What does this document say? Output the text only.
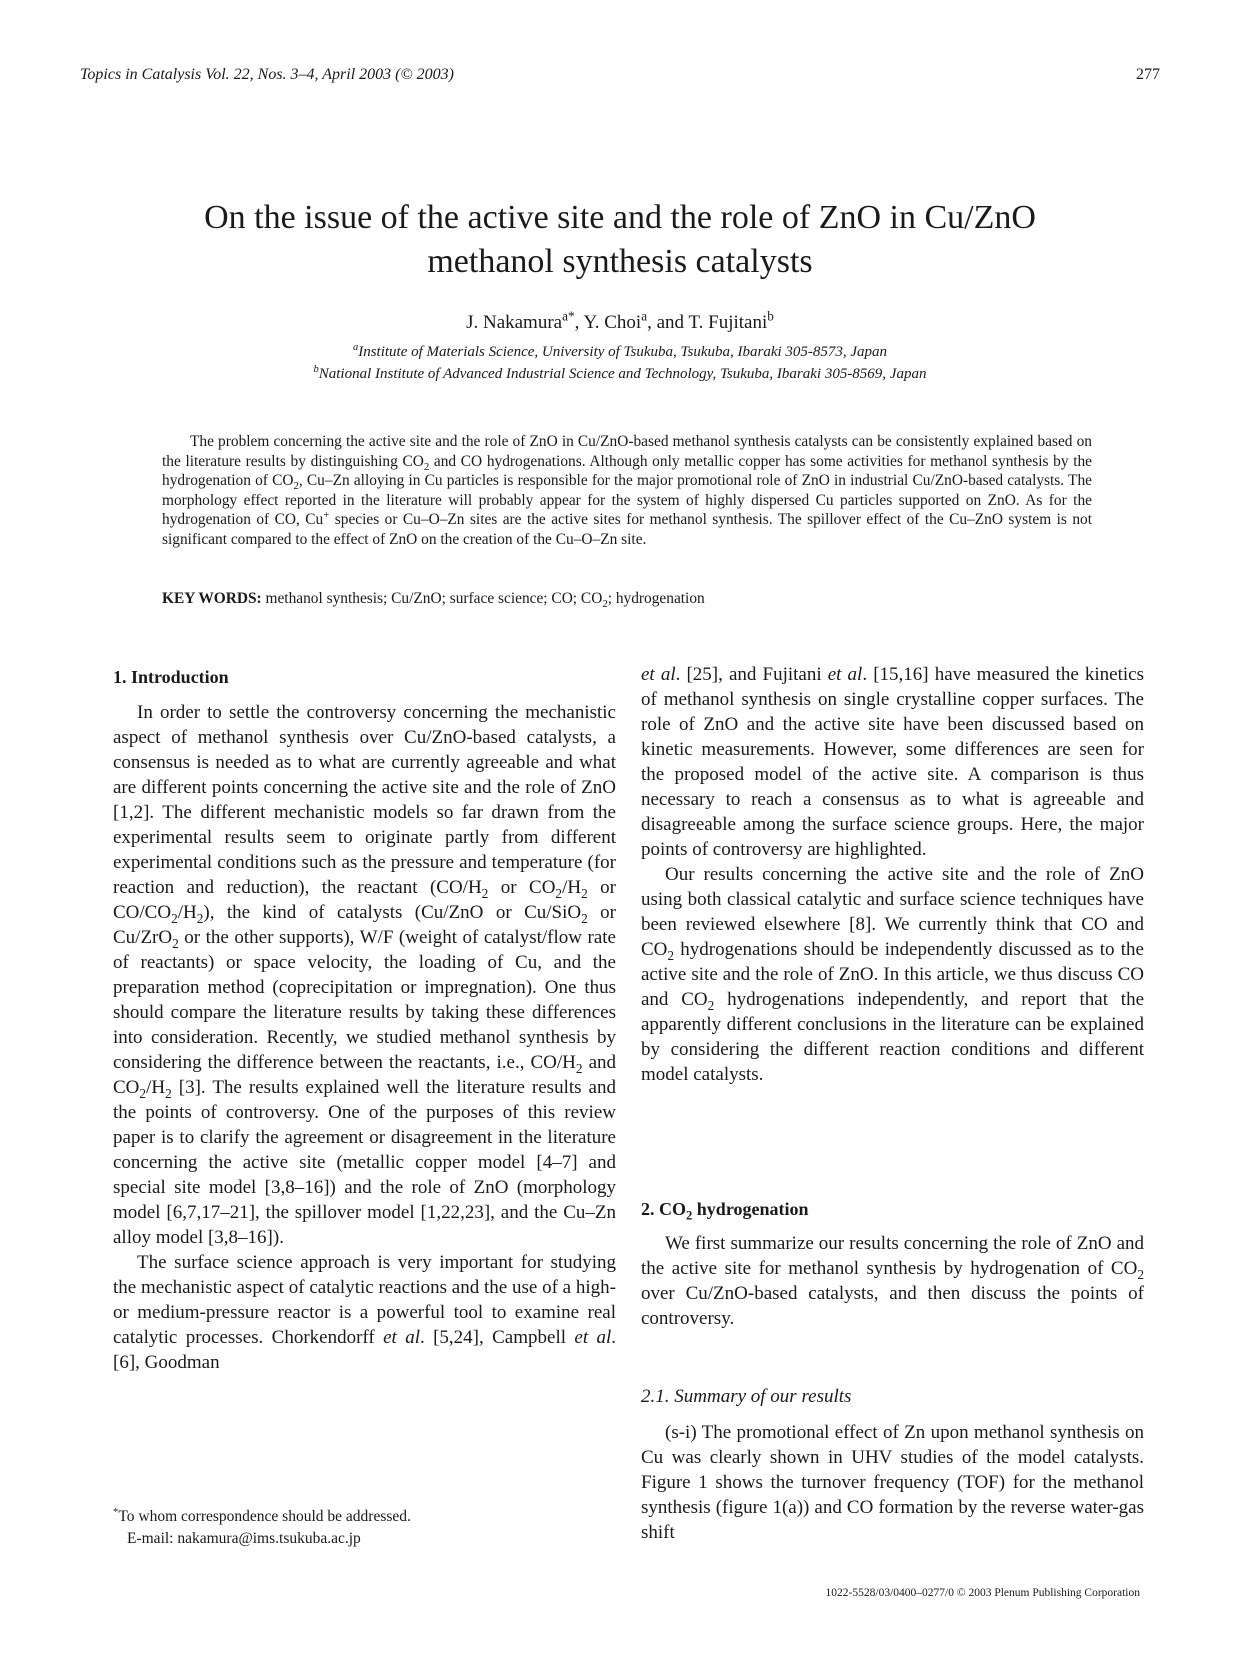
Topics in Catalysis Vol. 22, Nos. 3–4, April 2003 (© 2003)	277
On the issue of the active site and the role of ZnO in Cu/ZnO
methanol synthesis catalysts
J. Nakamura$^{a*}$, Y. Choi$^a$, and T. Fujitani$^b$
$^a$Institute of Materials Science, University of Tsukuba, Tsukuba, Ibaraki 305-8573, Japan
$^b$National Institute of Advanced Industrial Science and Technology, Tsukuba, Ibaraki 305-8569, Japan

The problem concerning the active site and the role of ZnO in Cu/ZnO-based methanol synthesis catalysts can be consistently explained based on the literature results by distinguishing $CO_2$ and CO hydrogenations. Although only metallic copper has some activities for methanol synthesis by the hydrogenation of $CO_2$, Cu–Zn alloying in Cu particles is responsible for the major promotional role of ZnO in industrial Cu/ZnO-based catalysts. The morphology effect reported in the literature will probably appear for the system of highly dispersed Cu particles supported on ZnO. As for the hydrogenation of CO, Cu+ species or Cu–O–Zn sites are the active sites for methanol synthesis. The spillover effect of the Cu–ZnO system is not significant compared to the effect of ZnO on the creation of the Cu–O–Zn site.

KEY WORDS: methanol synthesis; Cu/ZnO; surface science; CO; $CO_2$; hydrogenation
1. Introduction

In order to settle the controversy concerning the mechanistic aspect of methanol synthesis over Cu/ZnO-based catalysts, a consensus is needed as to what are currently agreeable and what are different points concerning the active site and the role of ZnO [1,2]. The different mechanistic models so far drawn from the experimental results seem to originate partly from different experimental conditions such as the pressure and temperature (for reaction and reduction), the reactant ($CO/H_2$ or $CO_2/H_2$ or $CO/CO_2/H_2$), the kind of catalysts (Cu/ZnO or Cu/SiO$_2$ or Cu/ZrO$_2$ or the other supports), W/F (weight of catalyst/flow rate of reactants) or space velocity, the loading of Cu, and the preparation method (coprecipitation or impregnation). One thus should compare the literature results by taking these differences into consideration. Recently, we studied methanol synthesis by considering the difference between the reactants, i.e., $CO/H_2$ and $CO_2/H_2$ [3]. The results explained well the literature results and the points of controversy. One of the purposes of this review paper is to clarify the agreement or disagreement in the literature concerning the active site (metallic copper model [4–7] and special site model [3,8–16]) and the role of ZnO (morphology model [6,7,17–21], the spillover model [1,22,23], and the Cu–Zn alloy model [3,8–16]).

The surface science approach is very important for studying the mechanistic aspect of catalytic reactions and the use of a high- or medium-pressure reactor is a powerful tool to examine real catalytic processes. Chorkendorff et al. [5,24], Campbell et al. [6], Goodman

*To whom correspondence should be addressed.
E-mail: nakamura@ims.tsukuba.ac.jp

et al. [25], and Fujitani et al. [15,16] have measured the kinetics of methanol synthesis on single crystalline copper surfaces. The role of ZnO and the active site have been discussed based on kinetic measurements. However, some differences are seen for the proposed model of the active site. A comparison is thus necessary to reach a consensus as to what is agreeable and disagreeable among the surface science groups. Here, the major points of controversy are highlighted.

Our results concerning the active site and the role of ZnO using both classical catalytic and surface science techniques have been reviewed elsewhere [8]. We currently think that CO and $CO_2$ hydrogenations should be independently discussed as to the active site and the role of ZnO. In this article, we thus discuss CO and $CO_2$ hydrogenations independently, and report that the apparently different conclusions in the literature can be explained by considering the different reaction conditions and different model catalysts.

2. $CO_2$ hydrogenation

We first summarize our results concerning the role of ZnO and the active site for methanol synthesis by hydrogenation of $CO_2$ over Cu/ZnO-based catalysts, and then discuss the points of controversy.

2.1. Summary of our results

(s-i) The promotional effect of Zn upon methanol synthesis on Cu was clearly shown in UHV studies of the model catalysts. Figure 1 shows the turnover frequency (TOF) for the methanol synthesis (figure 1(a)) and CO formation by the reverse water-gas shift

1022-5528/03/0400–0277/0 © 2003 Plenum Publishing Corporation
